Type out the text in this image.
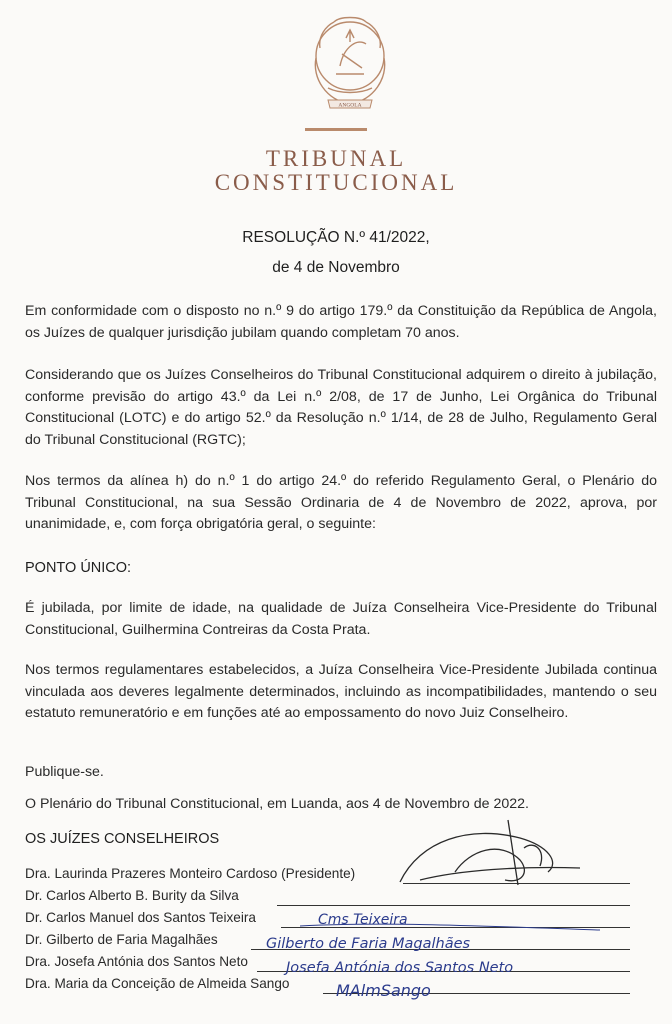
ANGOLA
TRIBUNAL
CONSTITUCIONAL
RESOLUÇÃO N.º 41/2022,
de 4 de Novembro
Em conformidade com o disposto no n.º 9 do artigo 179.º da Constituição da República de Angola, os Juízes de qualquer jurisdição jubilam quando completam 70 anos.
Considerando que os Juízes Conselheiros do Tribunal Constitucional adquirem o direito à jubilação, conforme previsão do artigo 43.º da Lei n.º 2/08, de 17 de Junho, Lei Orgânica do Tribunal Constitucional (LOTC) e do artigo 52.º da Resolução n.º 1/14, de 28 de Julho, Regulamento Geral do Tribunal Constitucional (RGTC);
Nos termos da alínea h) do n.º 1 do artigo 24.º do referido Regulamento Geral, o Plenário do Tribunal Constitucional, na sua Sessão Ordinaria de 4 de Novembro de 2022, aprova, por unanimidade, e, com força obrigatória geral, o seguinte:
PONTO ÚNICO:
É jubilada, por limite de idade, na qualidade de Juíza Conselheira Vice-Presidente do Tribunal Constitucional, Guilhermina Contreiras da Costa Prata.
Nos termos regulamentares estabelecidos, a Juíza Conselheira Vice-Presidente Jubilada continua vinculada aos deveres legalmente determinados, incluindo as incompatibilidades, mantendo o seu estatuto remuneratório e em funções até ao empossamento do novo Juiz Conselheiro.
Publique-se.
O Plenário do Tribunal Constitucional, em Luanda, aos 4 de Novembro de 2022.
OS JUÍZES CONSELHEIROS
Dra. Laurinda Prazeres Monteiro Cardoso (Presidente)
Dr. Carlos Alberto B. Burity da Silva
Dr. Carlos Manuel dos Santos Teixeira
Dr. Gilberto de Faria Magalhães
Dra. Josefa Antónia dos Santos Neto
Dra. Maria da Conceição de Almeida Sango
Cms Teixeira
Gilberto de Faria Magalhães
Josefa Antónia dos Santos Neto
MAlmSango
